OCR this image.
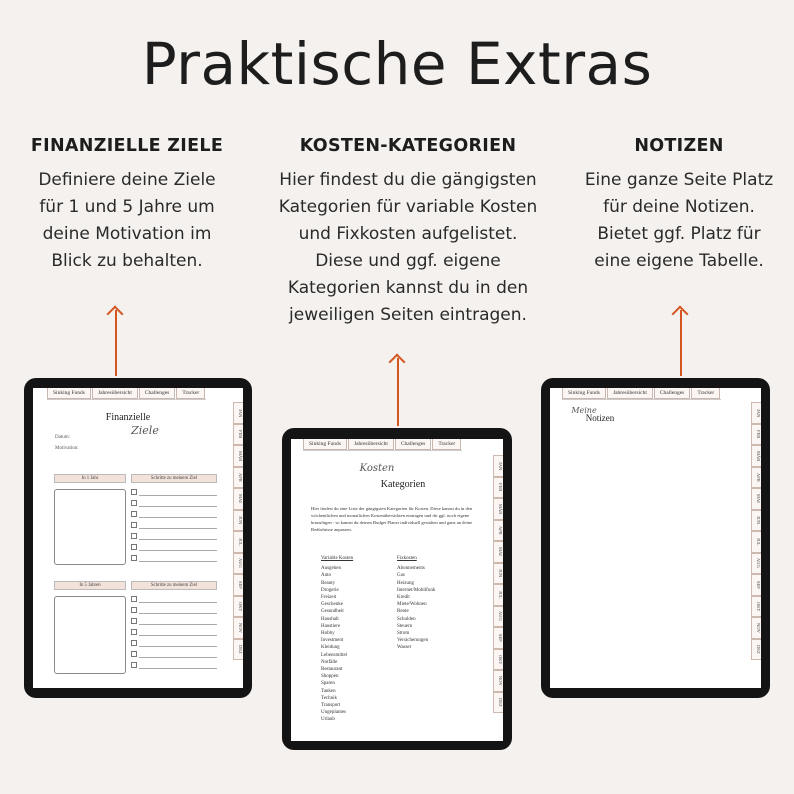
Praktische Extras
FINANZIELLE ZIELE

Definiere deine Ziele
für 1 und 5 Jahre um
deine Motivation im
Blick zu behalten.

KOSTEN-KATEGORIEN

Hier findest du die gängigsten
Kategorien für variable Kosten
und Fixkosten aufgelistet.
Diese und ggf. eigene
Kategorien kannst du in den
jeweiligen Seiten eintragen.

NOTIZEN

Eine ganze Seite Platz
für deine Notizen.
Bietet ggf. Platz für
eine eigene Tabelle.

Sinking Funds	Jahresübersicht	Challenges	Tracker
JAN
FEB
MÄR
APR
MAI
JUN
JUL
AUG
SEP
OKT
NOV
DEZ
Finanzielle
Ziele
Datum:
Motivation:
In 1 Jahr	Schritte zu meinem Ziel
In 5 Jahren	Schritte zu meinem Ziel
Sinking Funds	Jahresübersicht	Challenges	Tracker
JAN
FEB
MÄR
APR
MAI
JUN
JUL
AUG
SEP
OKT
NOV
DEZ
Kosten
Kategorien
Hier findest du eine Liste der gängigsten Kategorien für Kosten. Diese kannst du in den wöchentlichen und monatlichen Kostenübersichten eintragen und dir ggf. noch eigene hinzufügen - so kannst du deinen Budget Planer individuell gestalten und ganz an deine Bedürfnisse anpassen.
Variable Kosten

Ausgehen
Auto
Beauty
Drogerie
Freizeit
Geschenke
Gesundheit
Haushalt
Haustiere
Hobby
Investment
Kleidung
Lebensmittel
Notfälle
Restaurant
Shoppen
Sparen
Tanken
Technik
Transport
Ungeplantes
Urlaub
Fixkosten

Abonnements
Gas
Heizung
Internet/Mobilfunk
Kredit
Miete/Wohnen
Rente
Schulden
Steuern
Strom
Versicherungen
Wasser
Sinking Funds	Jahresübersicht	Challenges	Tracker
JAN
FEB
MÄR
APR
MAI
JUN
JUL
AUG
SEP
OKT
NOV
DEZ
Meine
Notizen
